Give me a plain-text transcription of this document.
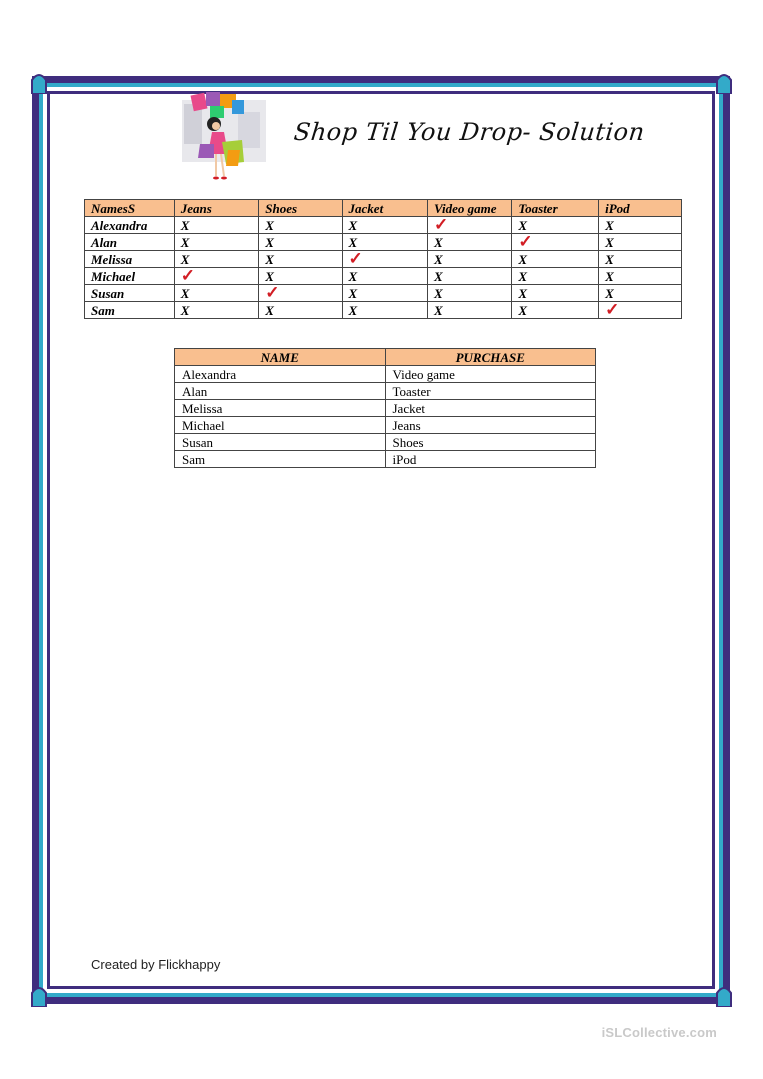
Shop Til You Drop- Solution
NamesS	Jeans	Shoes	Jacket	Video game	Toaster	iPod
Alexandra	X	X	X	✓	X	X
Alan	X	X	X	X	✓	X
Melissa	X	X	✓	X	X	X
Michael	✓	X	X	X	X	X
Susan	X	✓	X	X	X	X
Sam	X	X	X	X	X	✓
NAME	PURCHASE
Alexandra	Video game
Alan	Toaster
Melissa	Jacket
Michael	Jeans
Susan	Shoes
Sam	iPod
Created by Flickhappy
iSLCollective.com
